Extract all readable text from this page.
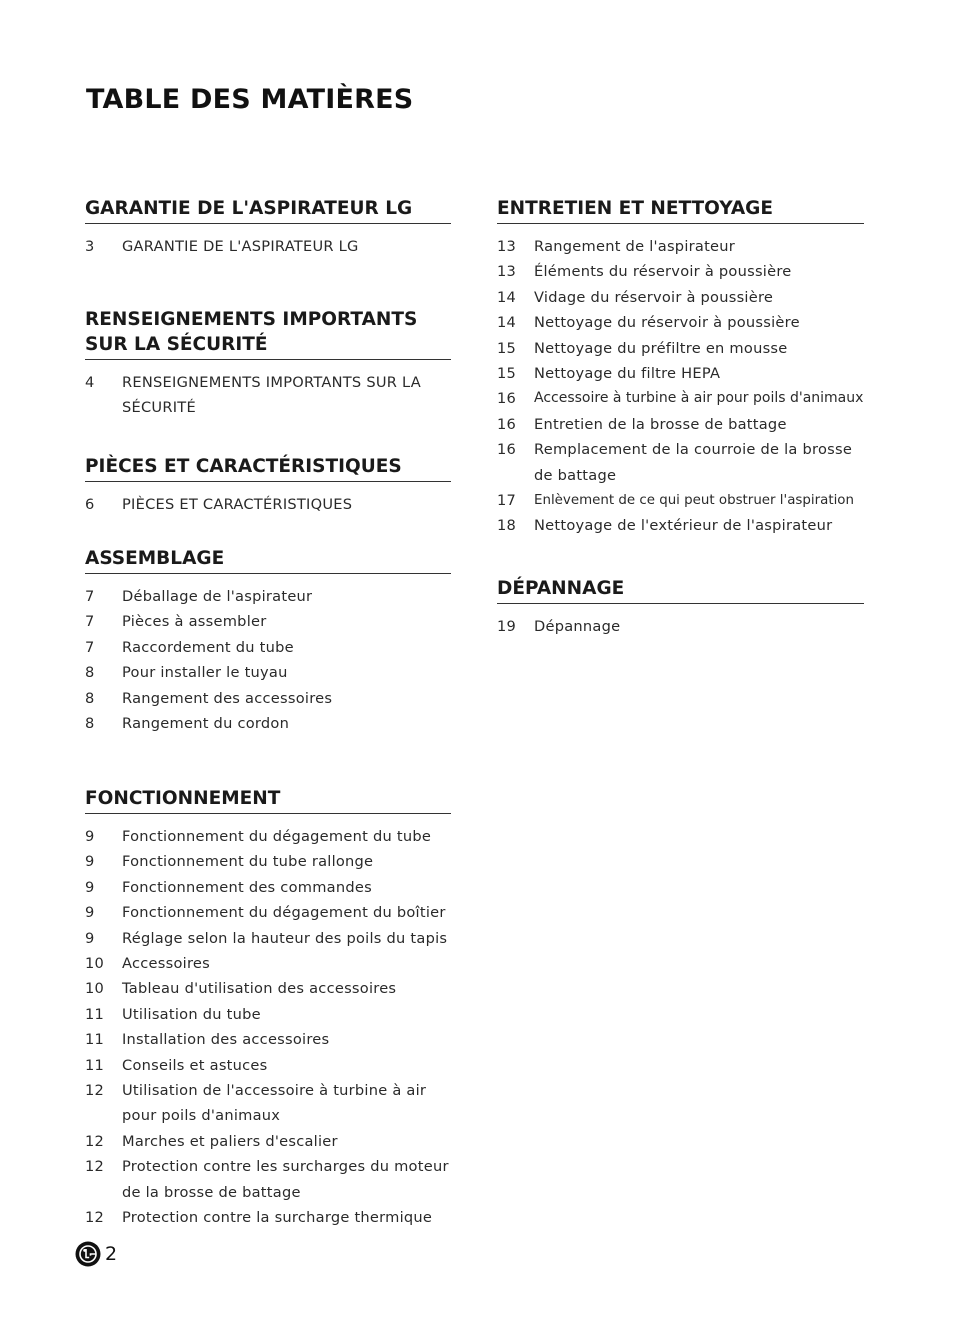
TABLE DES MATIÈRES
GARANTIE DE L'ASPIRATEUR LG
3	GARANTIE DE L'ASPIRATEUR LG
RENSEIGNEMENTS IMPORTANTS SUR LA SÉCURITÉ
4	RENSEIGNEMENTS IMPORTANTS SUR LA SÉCURITÉ
PIÈCES ET CARACTÉRISTIQUES
6	PIÈCES ET CARACTÉRISTIQUES
ASSEMBLAGE
7	Déballage de l'aspirateur
7	Pièces à assembler
7	Raccordement du tube
8	Pour installer le tuyau
8	Rangement des accessoires
8	Rangement du cordon
FONCTIONNEMENT
9	Fonctionnement du dégagement du tube
9	Fonctionnement du tube rallonge
9	Fonctionnement des commandes
9	Fonctionnement du dégagement du boîtier
9	Réglage selon la hauteur des poils du tapis
10	Accessoires
10	Tableau d'utilisation des accessoires
11	Utilisation du tube
11	Installation des accessoires
11	Conseils et astuces
12	Utilisation de l'accessoire à turbine à air pour poils d'animaux
12	Marches et paliers d'escalier
12	Protection contre les surcharges du moteur de la brosse de battage
12	Protection contre la surcharge thermique
ENTRETIEN ET NETTOYAGE
13	Rangement de l'aspirateur
13	Éléments du réservoir à poussière
14	Vidage du réservoir à poussière
14	Nettoyage du réservoir à poussière
15	Nettoyage du préfiltre en mousse
15	Nettoyage du filtre HEPA
16	Accessoire à turbine à air pour poils d'animaux
16	Entretien de la brosse de battage
16	Remplacement de la courroie de la brosse de battage
17	Enlèvement de ce qui peut obstruer l'aspiration
18	Nettoyage de l'extérieur de l'aspirateur
DÉPANNAGE
19	Dépannage
2
